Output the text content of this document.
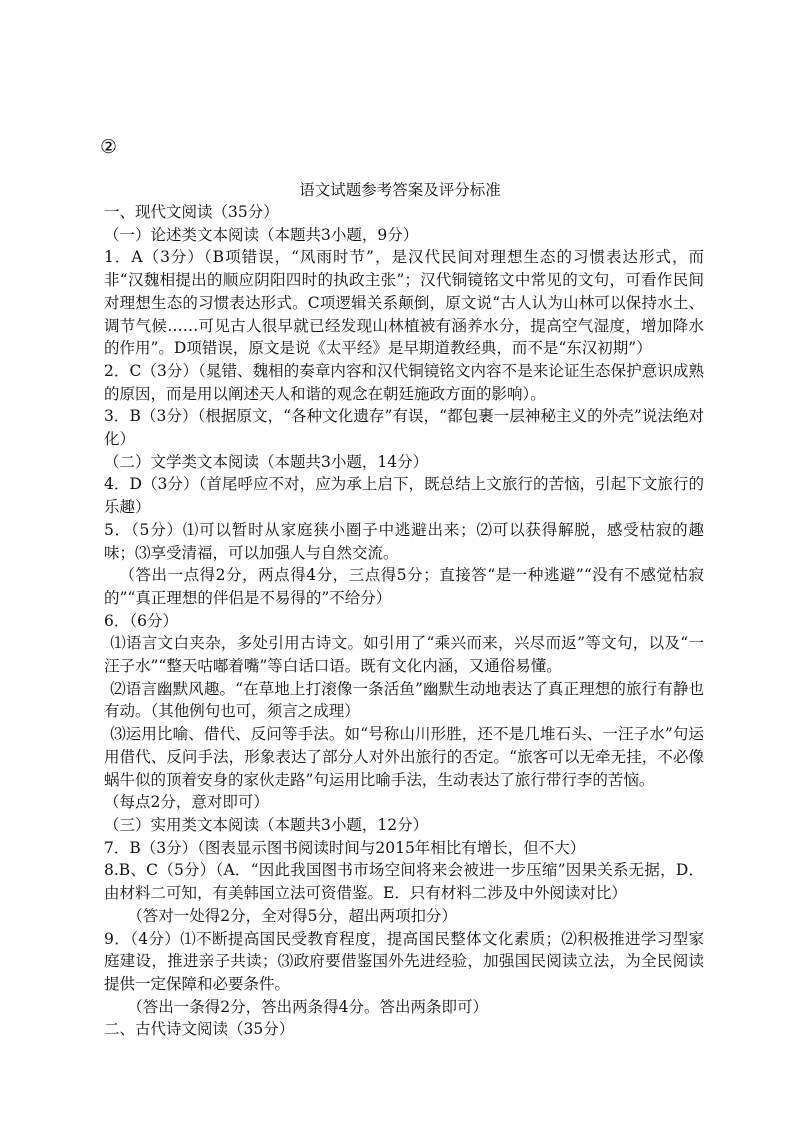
②
语文试题参考答案及评分标准

一、现代文阅读（35分）

（一）论述类文本阅读（本题共3小题，9分）

1．A（3分）（B项错误，“风雨时节”，是汉代民间对理想生态的习惯表达形式，而非“汉魏相提出的顺应阴阳四时的执政主张”；汉代铜镜铭文中常见的文句，可看作民间对理想生态的习惯表达形式。C项逻辑关系颠倒，原文说“古人认为山林可以保持水土、调节气候……可见古人很早就已经发现山林植被有涵养水分，提高空气湿度，增加降水的作用”。D项错误，原文是说《太平经》是早期道教经典，而不是“东汉初期”）

2．C（3分）（晁错、魏相的奏章内容和汉代铜镜铭文内容不是来论证生态保护意识成熟的原因，而是用以阐述天人和谐的观念在朝廷施政方面的影响）。

3．B（3分）（根据原文，“各种文化遗存”有误，“都包裹一层神秘主义的外壳”说法绝对化）

（二）文学类文本阅读（本题共3小题，14分）

4．D（3分）（首尾呼应不对，应为承上启下，既总结上文旅行的苦恼，引起下文旅行的乐趣）

5．（5分）⑴可以暂时从家庭狭小圈子中逃避出来；⑵可以获得解脱，感受枯寂的趣味；⑶享受清福，可以加强人与自然交流。

（答出一点得2分，两点得4分，三点得5分；直接答“是一种逃避”“没有不感觉枯寂的”“真正理想的伴侣是不易得的”不给分）

6．（6分）

⑴语言文白夹杂，多处引用古诗文。如引用了“乘兴而来，兴尽而返”等文句，以及“一汪子水”“整天咕嘟着嘴”等白话口语。既有文化内涵，又通俗易懂。

⑵语言幽默风趣。“在草地上打滚像一条活鱼”幽默生动地表达了真正理想的旅行有静也有动。（其他例句也可，须言之成理）

⑶运用比喻、借代、反问等手法。如“号称山川形胜，还不是几堆石头、一汪子水”句运用借代、反问手法，形象表达了部分人对外出旅行的否定。“旅客可以无牵无挂，不必像蜗牛似的顶着安身的家伙走路”句运用比喻手法，生动表达了旅行带行李的苦恼。

（每点2分，意对即可）

（三）实用类文本阅读（本题共3小题，12分）

7．B（3分）（图表显示图书阅读时间与2015年相比有增长，但不大）

8.B、C（5分）（A．“因此我国图书市场空间将来会被进一步压缩”因果关系无据，D．由材料二可知，有美韩国立法可资借鉴。E．只有材料二涉及中外阅读对比）

（答对一处得2分，全对得5分，超出两项扣分）

9．（4分）⑴不断提高国民受教育程度，提高国民整体文化素质；⑵积极推进学习型家庭建设，推进亲子共读；⑶政府要借鉴国外先进经验，加强国民阅读立法，为全民阅读提供一定保障和必要条件。

（答出一条得2分，答出两条得4分。答出两条即可）

二、古代诗文阅读（35分）
